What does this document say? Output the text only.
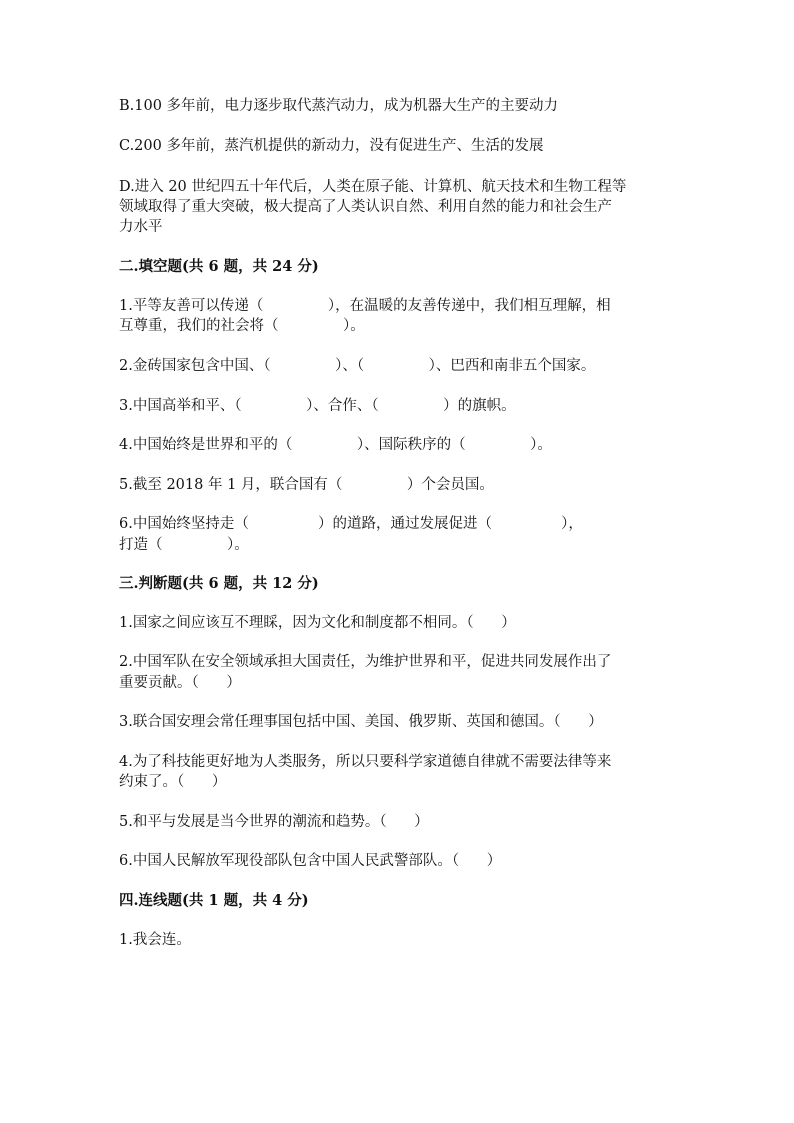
B.100 多年前，电力逐步取代蒸汽动力，成为机器大生产的主要动力
C.200 多年前，蒸汽机提供的新动力，没有促进生产、生活的发展
D.进入 20 世纪四五十年代后，人类在原子能、计算机、航天技术和生物工程等
领域取得了重大突破，极大提高了人类认识自然、利用自然的能力和社会生产
力水平
二.填空题(共 6 题，共 24 分)
1.平等友善可以传递（              ），在温暖的友善传递中，我们相互理解，相
互尊重，我们的社会将（              ）。
2.金砖国家包含中国、（              ）、（              ）、巴西和南非五个国家。
3.中国高举和平、（              ）、合作、（              ）的旗帜。
4.中国始终是世界和平的（              ）、国际秩序的（              ）。
5.截至 2018 年 1 月，联合国有（              ）个会员国。
6.中国始终坚持走（               ）的道路，通过发展促进（               ），
打造（              ）。
三.判断题(共 6 题，共 12 分)
1.国家之间应该互不理睬，因为文化和制度都不相同。（      ）
2.中国军队在安全领域承担大国责任，为维护世界和平，促进共同发展作出了
重要贡献。（      ）
3.联合国安理会常任理事国包括中国、美国、俄罗斯、英国和德国。（      ）
4.为了科技能更好地为人类服务，所以只要科学家道德自律就不需要法律等来
约束了。（      ）
5.和平与发展是当今世界的潮流和趋势。（      ）
6.中国人民解放军现役部队包含中国人民武警部队。（      ）
四.连线题(共 1 题，共 4 分)
1.我会连。
